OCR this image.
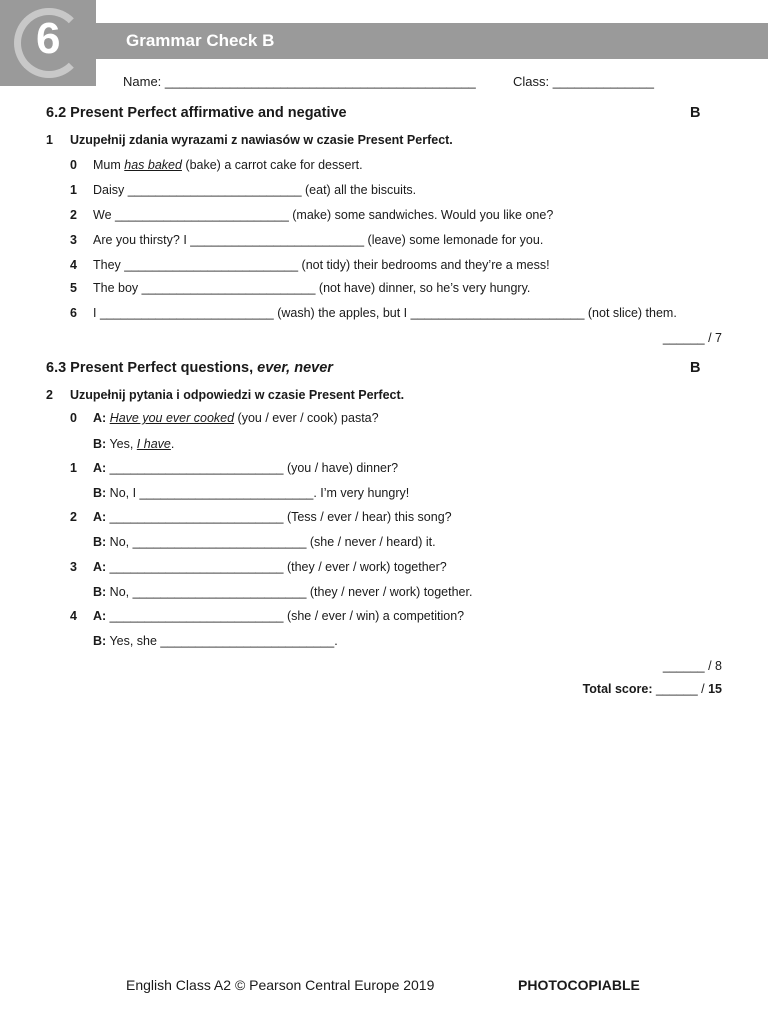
6	Grammar Check B
Name: ___________________________________________	Class: ______________
6.2 Present Perfect affirmative and negative	B
1 Uzupełnij zdania wyrazami z nawiasów w czasie Present Perfect.
0 Mum has baked (bake) a carrot cake for dessert.
1 Daisy _________________________ (eat) all the biscuits.
2 We _________________________ (make) some sandwiches. Would you like one?
3 Are you thirsty? I _________________________ (leave) some lemonade for you.
4 They _________________________ (not tidy) their bedrooms and they’re a mess!
5 The boy _________________________ (not have) dinner, so he’s very hungry.
6 I _________________________ (wash) the apples, but I _________________________ (not slice) them.
______ / 7
6.3 Present Perfect questions, ever, never	B
2 Uzupełnij pytania i odpowiedzi w czasie Present Perfect.
0 A: Have you ever cooked (you / ever / cook) pasta?
B: Yes, I have.
1 A: _________________________ (you / have) dinner?
B: No, I _________________________. I’m very hungry!
2 A: _________________________ (Tess / ever / hear) this song?
B: No, _________________________ (she / never / heard) it.
3 A: _________________________ (they / ever / work) together?
B: No, _________________________ (they / never / work) together.
4 A: _________________________ (she / ever / win) a competition?
B: Yes, she _________________________.
______ / 8
Total score: ______ / 15
English Class A2 © Pearson Central Europe 2019	PHOTOCOPIABLE
